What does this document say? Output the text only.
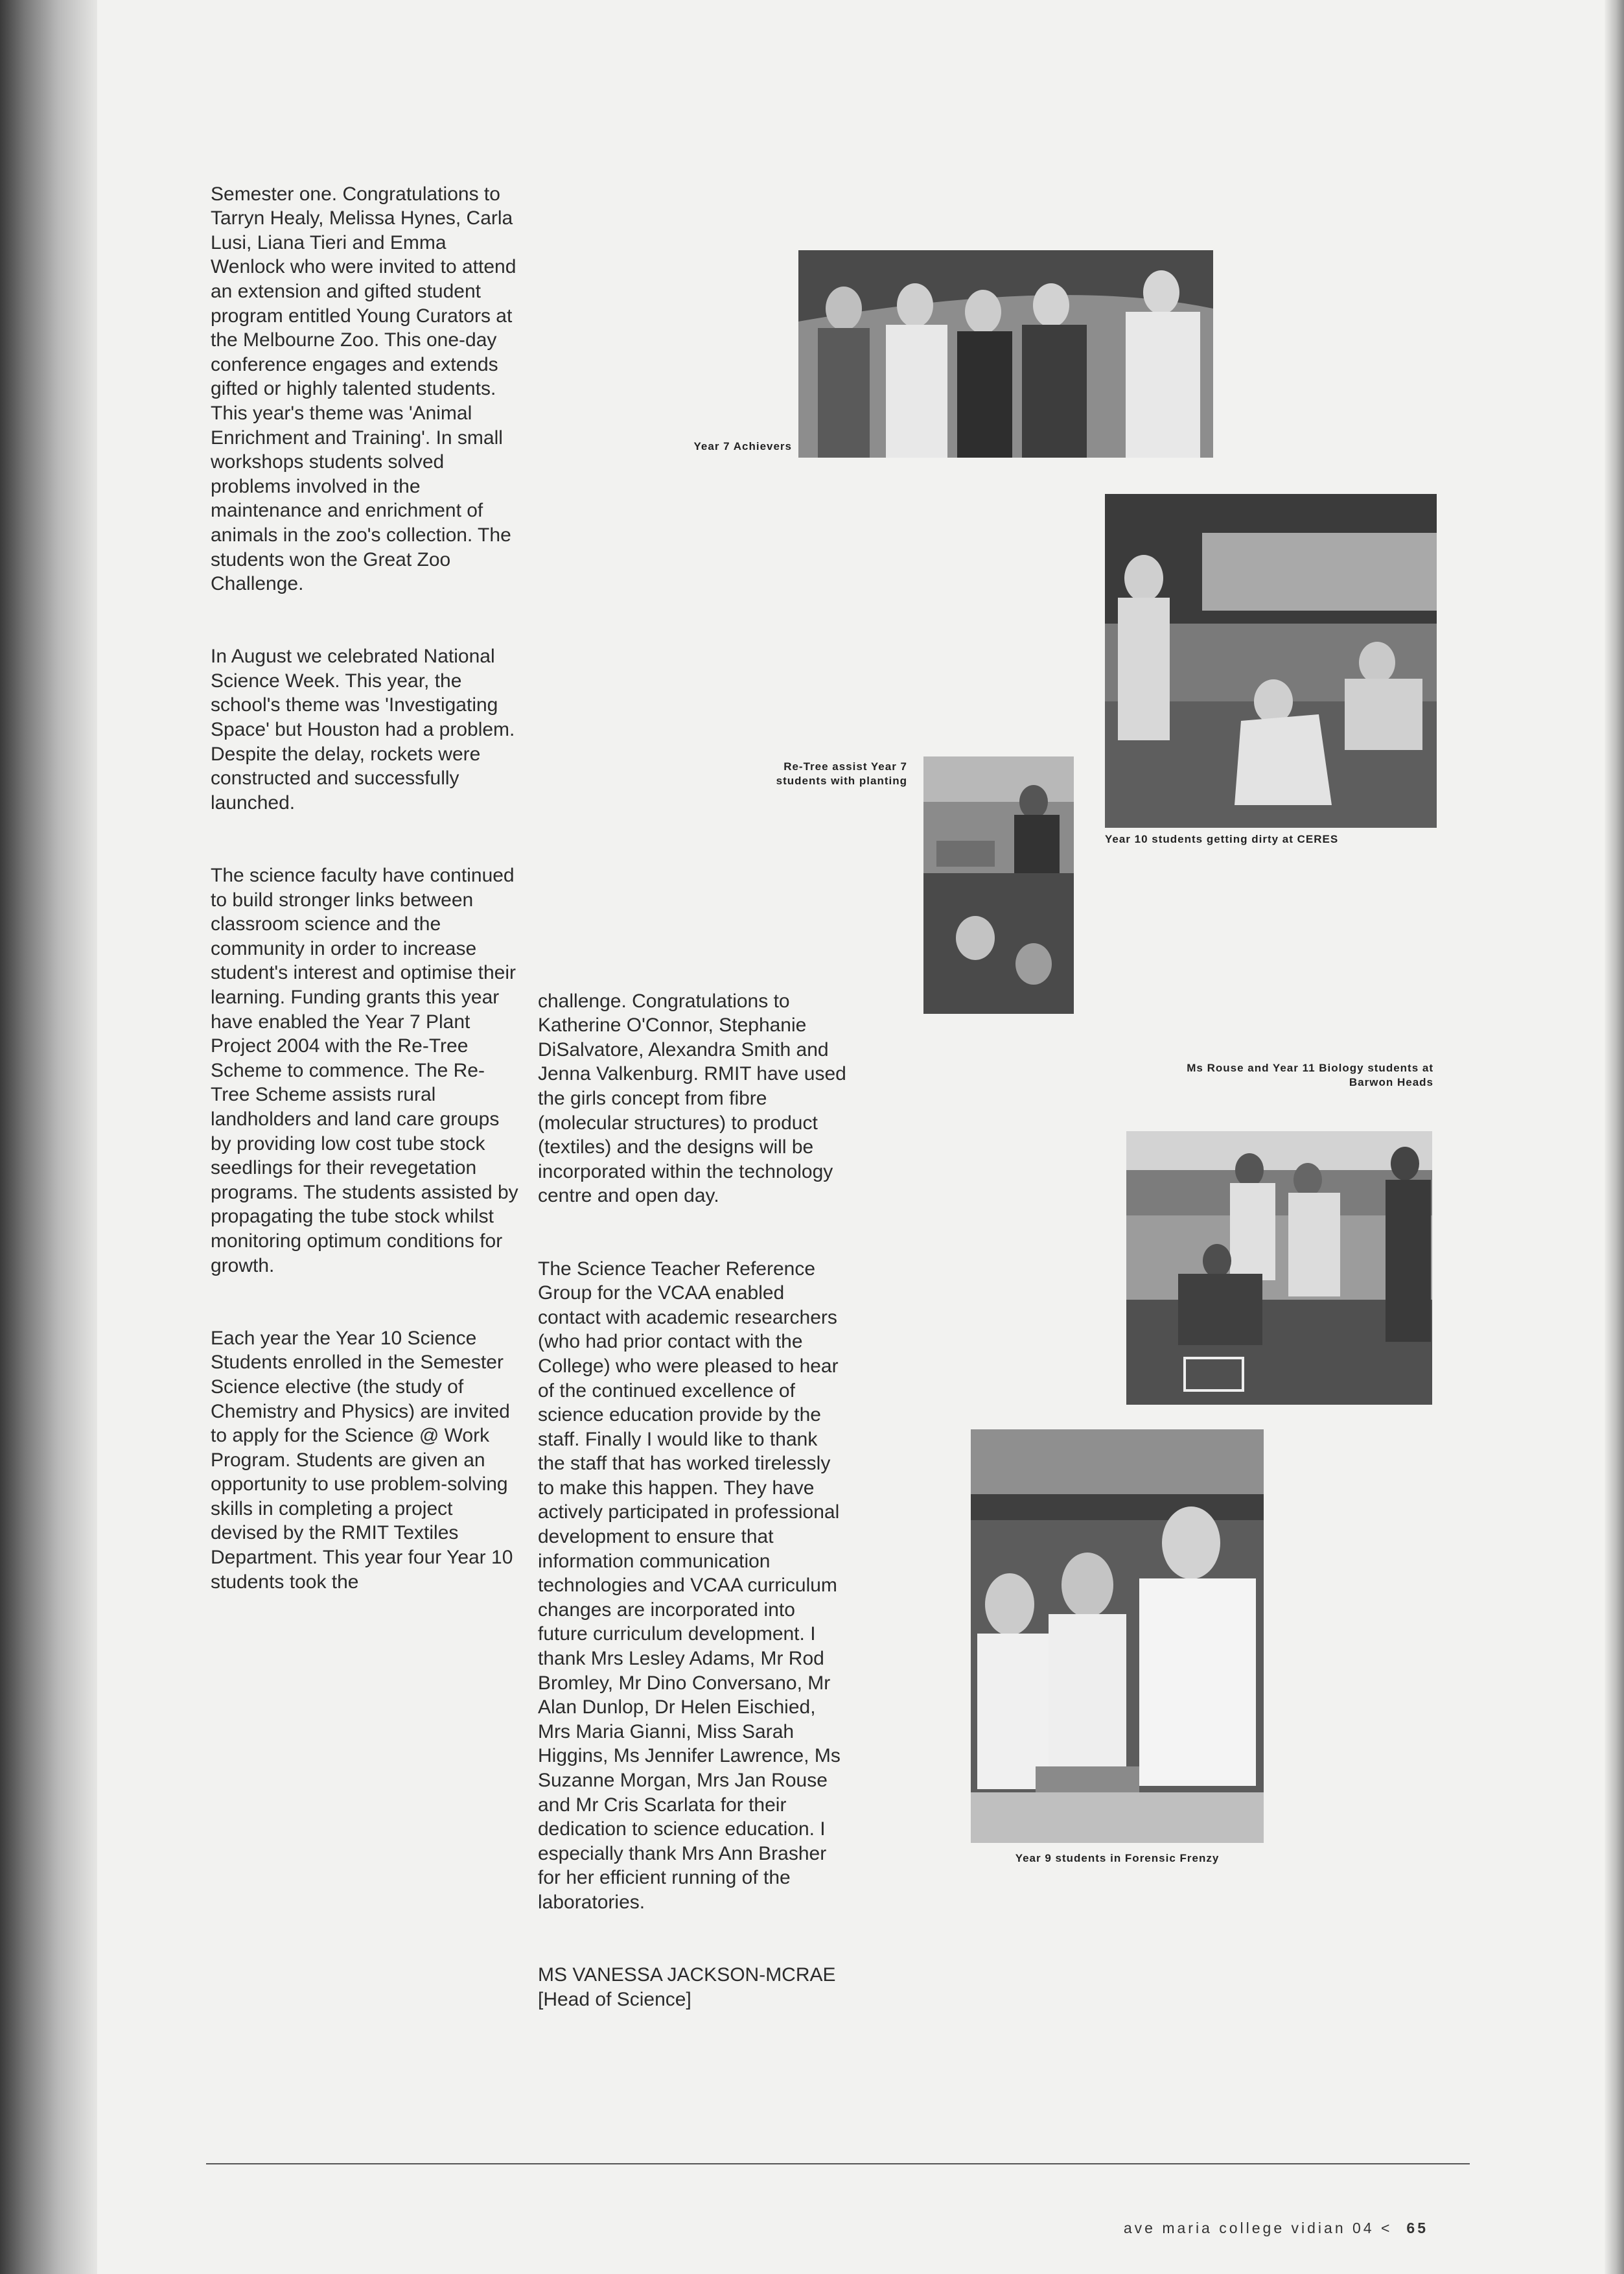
Semester one. Congratulations to Tarryn Healy, Melissa Hynes, Carla Lusi, Liana Tieri and Emma Wenlock who were invited to attend an extension and gifted student program entitled Young Curators at the Melbourne Zoo. This one-day conference engages and extends gifted or highly talented students. This year's theme was 'Animal Enrichment and Training'. In small workshops students solved problems involved in the maintenance and enrichment of animals in the zoo's collection. The students won the Great Zoo Challenge.

In August we celebrated National Science Week. This year, the school's theme was 'Investigating Space' but Houston had a problem. Despite the delay, rockets were constructed and successfully launched.

The science faculty have continued to build stronger links between classroom science and the community in order to increase student's interest and optimise their learning. Funding grants this year have enabled the Year 7 Plant Project 2004 with the Re-Tree Scheme to commence. The Re-Tree Scheme assists rural landholders and land care groups by providing low cost tube stock seedlings for their revegetation programs. The students assisted by propagating the tube stock whilst monitoring optimum conditions for growth.

Each year the Year 10 Science Students enrolled in the Semester Science elective (the study of Chemistry and Physics) are invited to apply for the Science @ Work Program. Students are given an opportunity to use problem-solving skills in completing a project devised by the RMIT Textiles Department. This year four Year 10 students took the

challenge. Congratulations to Katherine O'Connor, Stephanie DiSalvatore, Alexandra Smith and Jenna Valkenburg. RMIT have used the girls concept from fibre (molecular structures) to product (textiles) and the designs will be incorporated within the technology centre and open day.

The Science Teacher Reference Group for the VCAA enabled contact with academic researchers (who had prior contact with the College) who were pleased to hear of the continued excellence of science education provide by the staff. Finally I would like to thank the staff that has worked tirelessly to make this happen. They have actively participated in professional development to ensure that information communication technologies and VCAA curriculum changes are incorporated into future curriculum development. I thank Mrs Lesley Adams, Mr Rod Bromley, Mr Dino Conversano, Mr Alan Dunlop, Dr Helen Eischied, Mrs Maria Gianni, Miss Sarah Higgins, Ms Jennifer Lawrence, Ms Suzanne Morgan, Mrs Jan Rouse and Mr Cris Scarlata for their dedication to science education. I especially thank Mrs Ann Brasher for her efficient running of the laboratories.

MS VANESSA JACKSON-MCRAE
[Head of Science]

Year 7 Achievers
Year 10 students getting dirty at CERES
Re-Tree assist Year 7 students with planting
Ms Rouse and Year 11 Biology students at Barwon Heads
Year 9 students in Forensic Frenzy
ave maria college vidian 04 < 65
